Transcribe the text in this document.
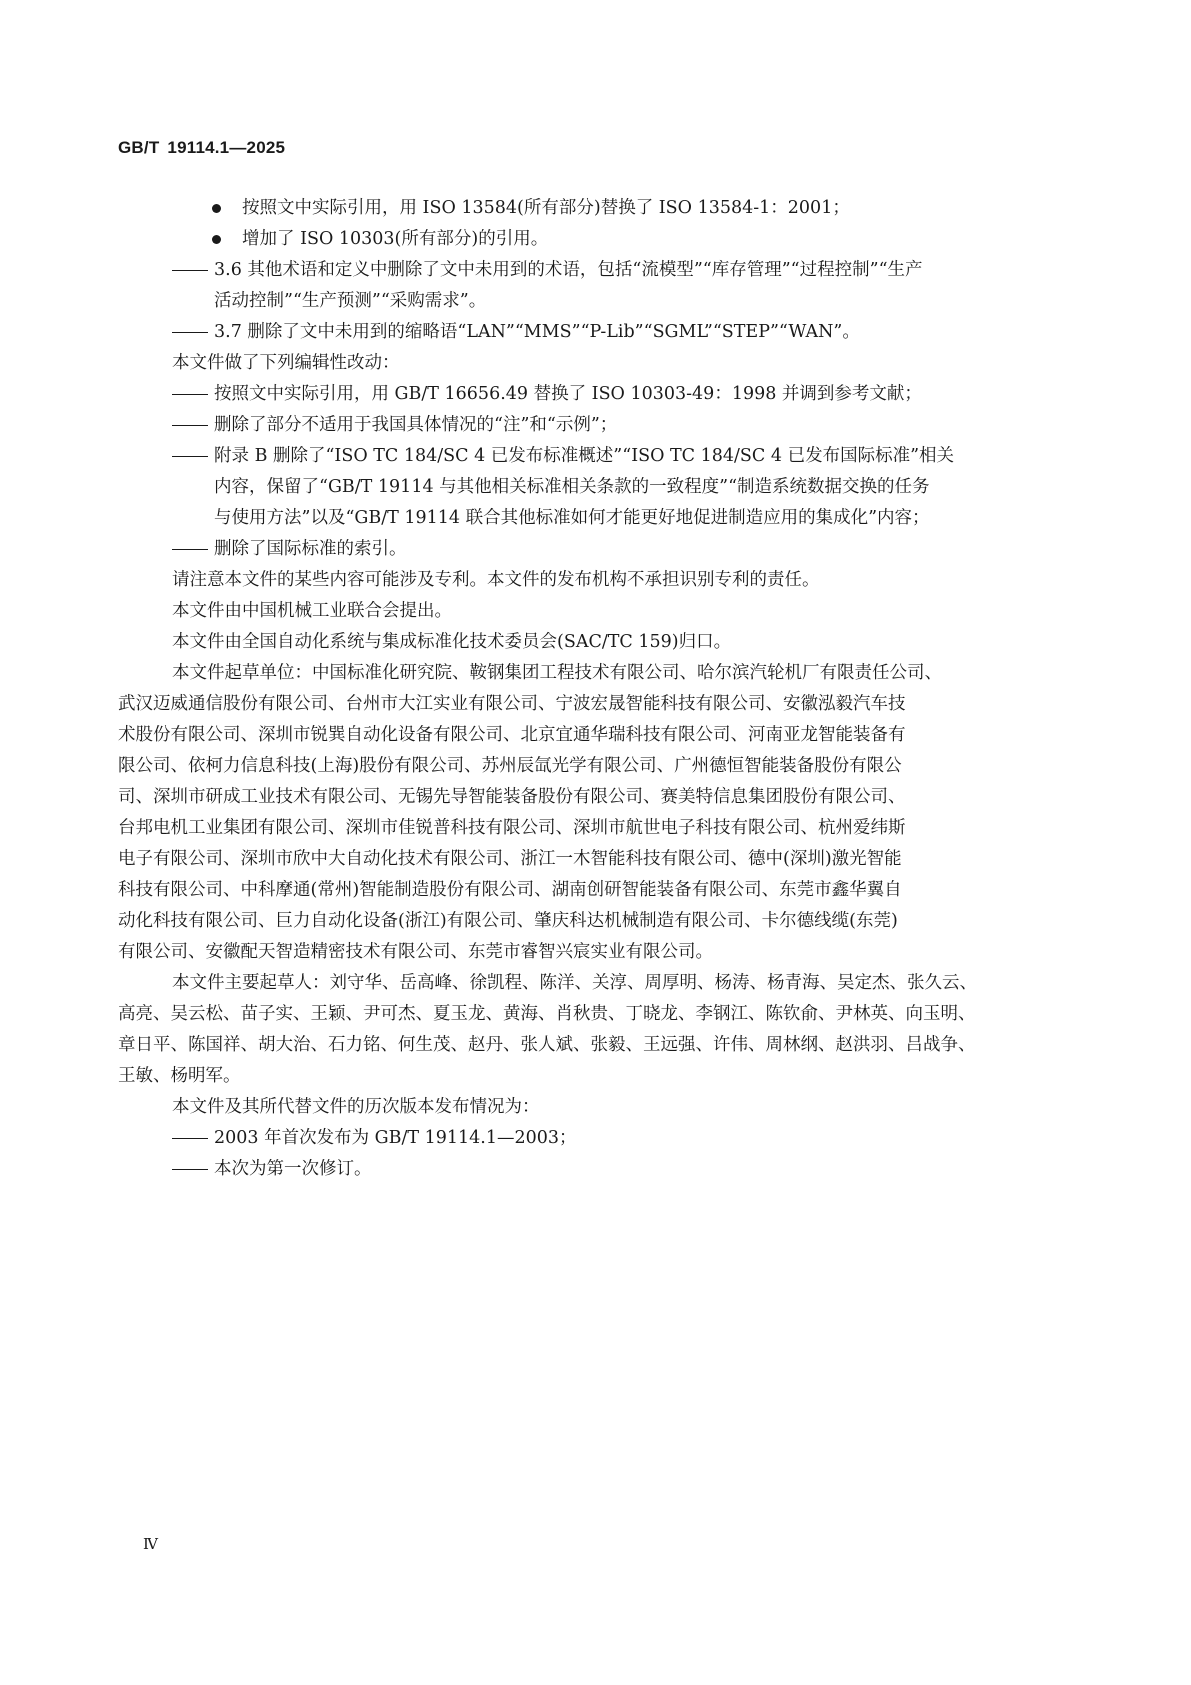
GB/T 19114.1—2025

按照文中实际引用，用 ISO 13584(所有部分)替换了 ISO 13584-1：2001；

增加了 ISO 10303(所有部分)的引用。

3.6 其他术语和定义中删除了文中未用到的术语，包括“流模型”“库存管理”“过程控制”“生产

活动控制”“生产预测”“采购需求”。

3.7 删除了文中未用到的缩略语“LAN”“MMS”“P-Lib”“SGML”“STEP”“WAN”。

本文件做了下列编辑性改动：

按照文中实际引用，用 GB/T 16656.49 替换了 ISO 10303-49：1998 并调到参考文献；

删除了部分不适用于我国具体情况的“注”和“示例”；

附录 B 删除了“ISO TC 184/SC 4 已发布标准概述”“ISO TC 184/SC 4 已发布国际标准”相关

内容，保留了“GB/T 19114 与其他相关标准相关条款的一致程度”“制造系统数据交换的任务

与使用方法”以及“GB/T 19114 联合其他标准如何才能更好地促进制造应用的集成化”内容；

删除了国际标准的索引。

请注意本文件的某些内容可能涉及专利。本文件的发布机构不承担识别专利的责任。

本文件由中国机械工业联合会提出。

本文件由全国自动化系统与集成标准化技术委员会(SAC/TC 159)归口。

本文件起草单位：中国标准化研究院、鞍钢集团工程技术有限公司、哈尔滨汽轮机厂有限责任公司、

武汉迈威通信股份有限公司、台州市大江实业有限公司、宁波宏晟智能科技有限公司、安徽泓毅汽车技

术股份有限公司、深圳市锐巽自动化设备有限公司、北京宜通华瑞科技有限公司、河南亚龙智能装备有

限公司、依柯力信息科技(上海)股份有限公司、苏州辰氙光学有限公司、广州德恒智能装备股份有限公

司、深圳市研成工业技术有限公司、无锡先导智能装备股份有限公司、赛美特信息集团股份有限公司、

台邦电机工业集团有限公司、深圳市佳锐普科技有限公司、深圳市航世电子科技有限公司、杭州爱纬斯

电子有限公司、深圳市欣中大自动化技术有限公司、浙江一木智能科技有限公司、德中(深圳)激光智能

科技有限公司、中科摩通(常州)智能制造股份有限公司、湖南创研智能装备有限公司、东莞市鑫华翼自

动化科技有限公司、巨力自动化设备(浙江)有限公司、肇庆科达机械制造有限公司、卡尔德线缆(东莞)

有限公司、安徽配天智造精密技术有限公司、东莞市睿智兴宸实业有限公司。

本文件主要起草人：刘守华、岳高峰、徐凯程、陈洋、关淳、周厚明、杨涛、杨青海、吴定杰、张久云、

高亮、吴云松、苗子实、王颖、尹可杰、夏玉龙、黄海、肖秋贵、丁晓龙、李钢江、陈钦俞、尹林英、向玉明、

章日平、陈国祥、胡大治、石力铭、何生茂、赵丹、张人斌、张毅、王远强、许伟、周林纲、赵洪羽、吕战争、

王敏、杨明军。

本文件及其所代替文件的历次版本发布情况为：

2003 年首次发布为 GB/T 19114.1—2003；

本次为第一次修订。

Ⅳ
